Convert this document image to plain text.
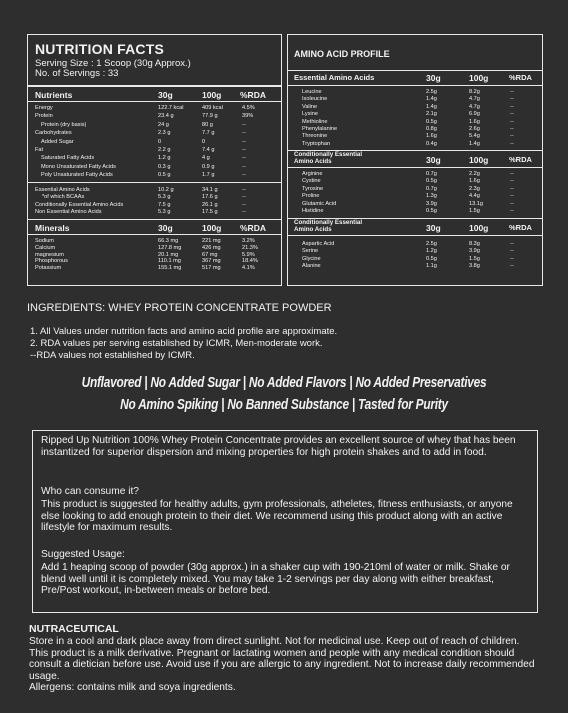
NUTRITION FACTS
Serving Size : 1 Scoop (30g Approx.)
No. of Servings : 33
Nutrients	30g	100g %RDA
Energy	122.7 kcal	409 kcal	4.5%
Protein	23.4 g	77.9 g	39%
Protein (dry basis)	24 g	80 g	--
Carbohydrates	2.3 g	7.7 g	--
Added Sugar	0	0	--
Fat	2.2 g	7.4 g	--
Saturated Fatty Acids	1.2 g	4 g	--
Mono Unsaturated Fatty Acids	0.3 g	0.9 g	--
Poly Unsaturated Fatty Acids	0.5 g	1.7 g	--
Essential Amino Acids	10.2 g	34.1 g	--
*of which BCAAs	5.3 g	17.6 g	--
Conditionally Essential Amino Acids	7.5 g	26.1 g	--
Non Essential Amino Acids	5.3 g	17.5 g	--
Minerals	30g	100g %RDA
Sodium	66.3 mg	221 mg	3.2%
Calcium	127.8 mg	426 mg	21.3%
magnesium	20.1 mg	67 mg	5.9%
Phosphorous	110.1 mg	367 mg	18.4%
Potassium	155.1 mg	517 mg	4.1%
AMINO ACID PROFILE
Essential Amino Acids	30g	100g	%RDA
Leucine	2.5g	8.2g	--
Isoleucine	1.4g	4.7g	--
Valine	1.4g	4.7g	--
Lysine	2.1g	6.9g	--
Methioline	0.5g	1.6g	--
Phenylalanine	0.8g	2.6g	--
Threonine	1.6g	5.4g	--
Tryptophan	0.4g	1.4g	--
Conditionally Essential
Amino Acids	30g	100g	%RDA
Arginine	0.7g	2.2g	--
Cystine	0.5g	1.6g	--
Tyrosine	0.7g	2.3g	--
Proline	1.3g	4.4g	--
Glutamic Acid	3.9g	13.1g	--
Histidine	0.5g	1.5g	--
Conditionally Essential
Amino Acids	30g	100g	%RDA
Aspartic Acid	2.5g	8.3g	--
Serine	1.2g	3.9g	--
Glycine	0.5g	1.5g	--
Alanine	1.1g	3.8g	--
INGREDIENTS: WHEY PROTEIN CONCENTRATE POWDER
1. All Values under nutrition facts and amino acid profile are approximate.
2. RDA values per serving established by ICMR, Men-moderate work.
--RDA values not established by ICMR.
Unflavored | No Added Sugar | No Added Flavors | No Added Preservatives
No Amino Spiking | No Banned Substance | Tasted for Purity
Ripped Up Nutrition 100% Whey Protein Concentrate provides an excellent source of whey that has been instantized for superior dispersion and mixing properties for high protein shakes and to add in food.
Who can consume it?
This product is suggested for healthy adults, gym professionals, atheletes, fitness enthusiasts, or anyone else looking to add enough protein to their diet. We recommend using this product along with an active lifestyle for maximum results.
Suggested Usage:
Add 1 heaping scoop of powder (30g approx.) in a shaker cup with 190-210ml of water or milk. Shake or blend well until it is completely mixed. You may take 1-2 servings per day along with either breakfast, Pre/Post workout, in-between meals or before bed.
NUTRACEUTICAL
Store in a cool and dark place away from direct sunlight. Not for medicinal use. Keep out of reach of children. This product is a milk derivative. Pregnant or lactating women and people with any medical condition should consult a dietician before use. Avoid use if you are allergic to any ingredient. Not to increase daily recommended usage.
Allergens: contains milk and soya ingredients.
